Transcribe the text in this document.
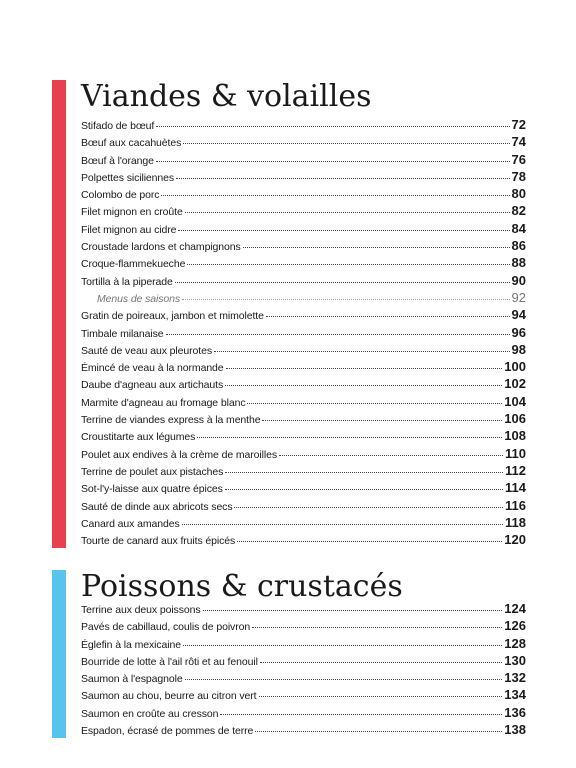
Viandes & volailles
Stifado de bœuf	72
Bœuf aux cacahuètes	74
Bœuf à l'orange	76
Polpettes siciliennes	78
Colombo de porc	80
Filet mignon en croûte	82
Filet mignon au cidre	84
Croustade lardons et champignons	86
Croque-flammekueche	88
Tortilla à la piperade	90
Menus de saisons	92
Gratin de poireaux, jambon et mimolette	94
Timbale milanaise	96
Sauté de veau aux pleurotes	98
Émincé de veau à la normande	100
Daube d'agneau aux artichauts	102
Marmite d'agneau au fromage blanc	104
Terrine de viandes express à la menthe	106
Croustitarte aux légumes	108
Poulet aux endives à la crème de maroilles	110
Terrine de poulet aux pistaches	112
Sot-l'y-laisse aux quatre épices	114
Sauté de dinde aux abricots secs	116
Canard aux amandes	118
Tourte de canard aux fruits épicés	120
Poissons & crustacés
Terrine aux deux poissons	124
Pavés de cabillaud, coulis de poivron	126
Églefin à la mexicaine	128
Bourride de lotte à l'ail rôti et au fenouil	130
Saumon à l'espagnole	132
Saumon au chou, beurre au citron vert	134
Saumon en croûte au cresson	136
Espadon, écrasé de pommes de terre	138
